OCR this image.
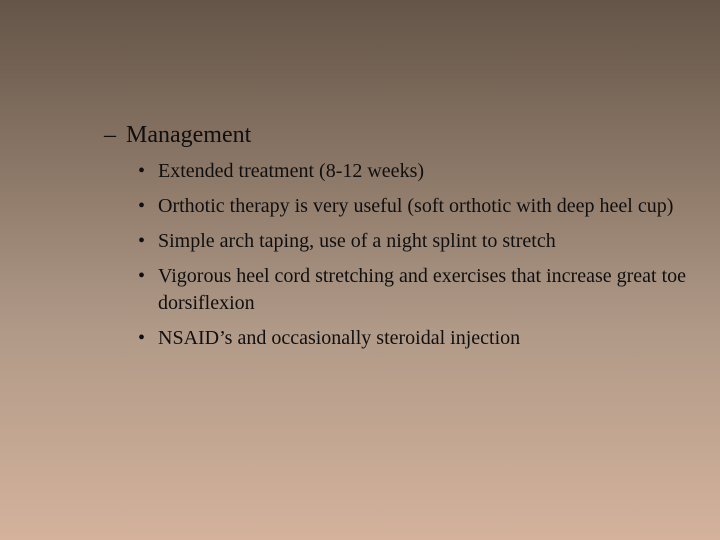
– Management
• Extended treatment (8-12 weeks)
• Orthotic therapy is very useful (soft orthotic with deep heel cup)
• Simple arch taping, use of a night splint to stretch
• Vigorous heel cord stretching and exercises that increase great toe dorsiflexion
• NSAID’s and occasionally steroidal injection
